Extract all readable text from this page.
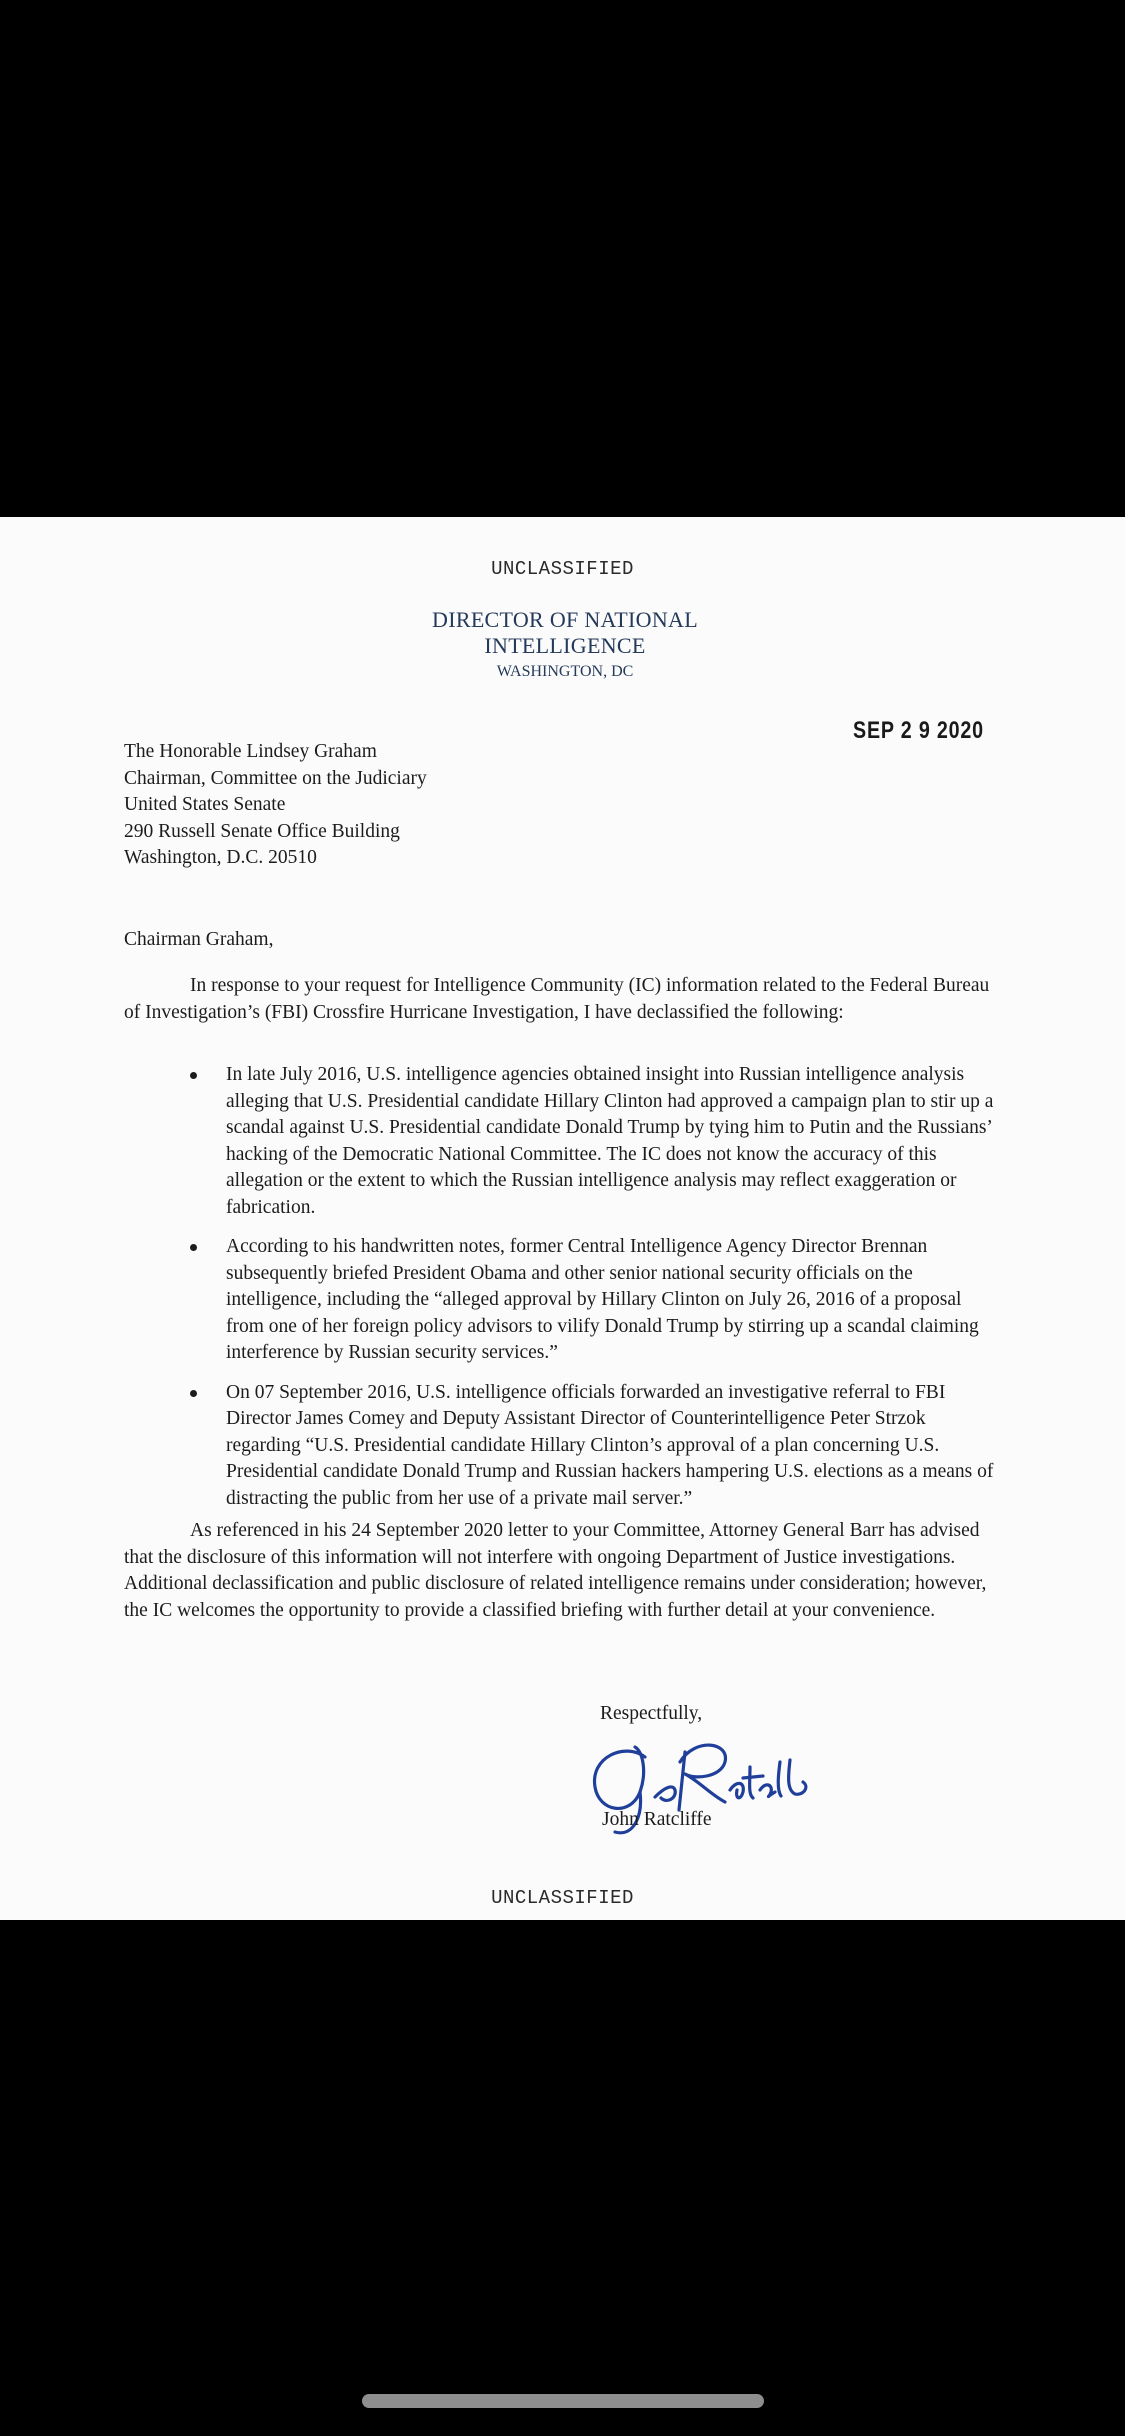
UNCLASSIFIED
DIRECTOR OF NATIONAL INTELLIGENCE
WASHINGTON, DC
SEP 2 9 2020
The Honorable Lindsey Graham
Chairman, Committee on the Judiciary
United States Senate
290 Russell Senate Office Building
Washington, D.C. 20510
Chairman Graham,
In response to your request for Intelligence Community (IC) information related to the Federal Bureau of Investigation’s (FBI) Crossfire Hurricane Investigation, I have declassified the following:
In late July 2016, U.S. intelligence agencies obtained insight into Russian intelligence analysis alleging that U.S. Presidential candidate Hillary Clinton had approved a campaign plan to stir up a scandal against U.S. Presidential candidate Donald Trump by tying him to Putin and the Russians’ hacking of the Democratic National Committee. The IC does not know the accuracy of this allegation or the extent to which the Russian intelligence analysis may reflect exaggeration or fabrication.
According to his handwritten notes, former Central Intelligence Agency Director Brennan subsequently briefed President Obama and other senior national security officials on the intelligence, including the “alleged approval by Hillary Clinton on July 26, 2016 of a proposal from one of her foreign policy advisors to vilify Donald Trump by stirring up a scandal claiming interference by Russian security services.”
On 07 September 2016, U.S. intelligence officials forwarded an investigative referral to FBI Director James Comey and Deputy Assistant Director of Counterintelligence Peter Strzok regarding “U.S. Presidential candidate Hillary Clinton’s approval of a plan concerning U.S. Presidential candidate Donald Trump and Russian hackers hampering U.S. elections as a means of distracting the public from her use of a private mail server.”
As referenced in his 24 September 2020 letter to your Committee, Attorney General Barr has advised that the disclosure of this information will not interfere with ongoing Department of Justice investigations. Additional declassification and public disclosure of related intelligence remains under consideration; however, the IC welcomes the opportunity to provide a classified briefing with further detail at your convenience.
Respectfully,
John Ratcliffe
UNCLASSIFIED
